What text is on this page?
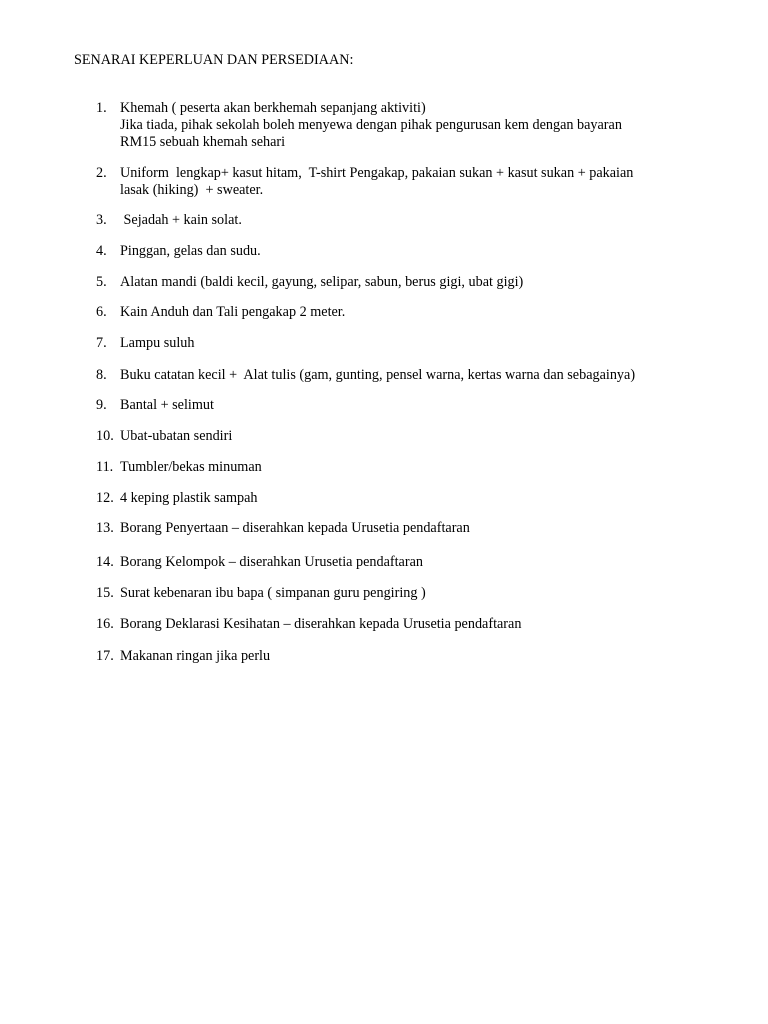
SENARAI KEPERLUAN DAN PERSEDIAAN:
1. Khemah ( peserta akan berkhemah sepanjang aktiviti)
Jika tiada, pihak sekolah boleh menyewa dengan pihak pengurusan kem dengan bayaran
RM15 sebuah khemah sehari
2. Uniform  lengkap+ kasut hitam,  T-shirt Pengakap, pakaian sukan + kasut sukan + pakaian
lasak (hiking)  + sweater.
3. Sejadah + kain solat.
4. Pinggan, gelas dan sudu.
5. Alatan mandi (baldi kecil, gayung, selipar, sabun, berus gigi, ubat gigi)
6. Kain Anduh dan Tali pengakap 2 meter.
7. Lampu suluh
8. Buku catatan kecil +  Alat tulis (gam, gunting, pensel warna, kertas warna dan sebagainya)
9. Bantal + selimut
10. Ubat-ubatan sendiri
11. Tumbler/bekas minuman
12. 4 keping plastik sampah
13. Borang Penyertaan – diserahkan kepada Urusetia pendaftaran
14. Borang Kelompok – diserahkan Urusetia pendaftaran
15. Surat kebenaran ibu bapa ( simpanan guru pengiring )
16. Borang Deklarasi Kesihatan – diserahkan kepada Urusetia pendaftaran
17. Makanan ringan jika perlu
